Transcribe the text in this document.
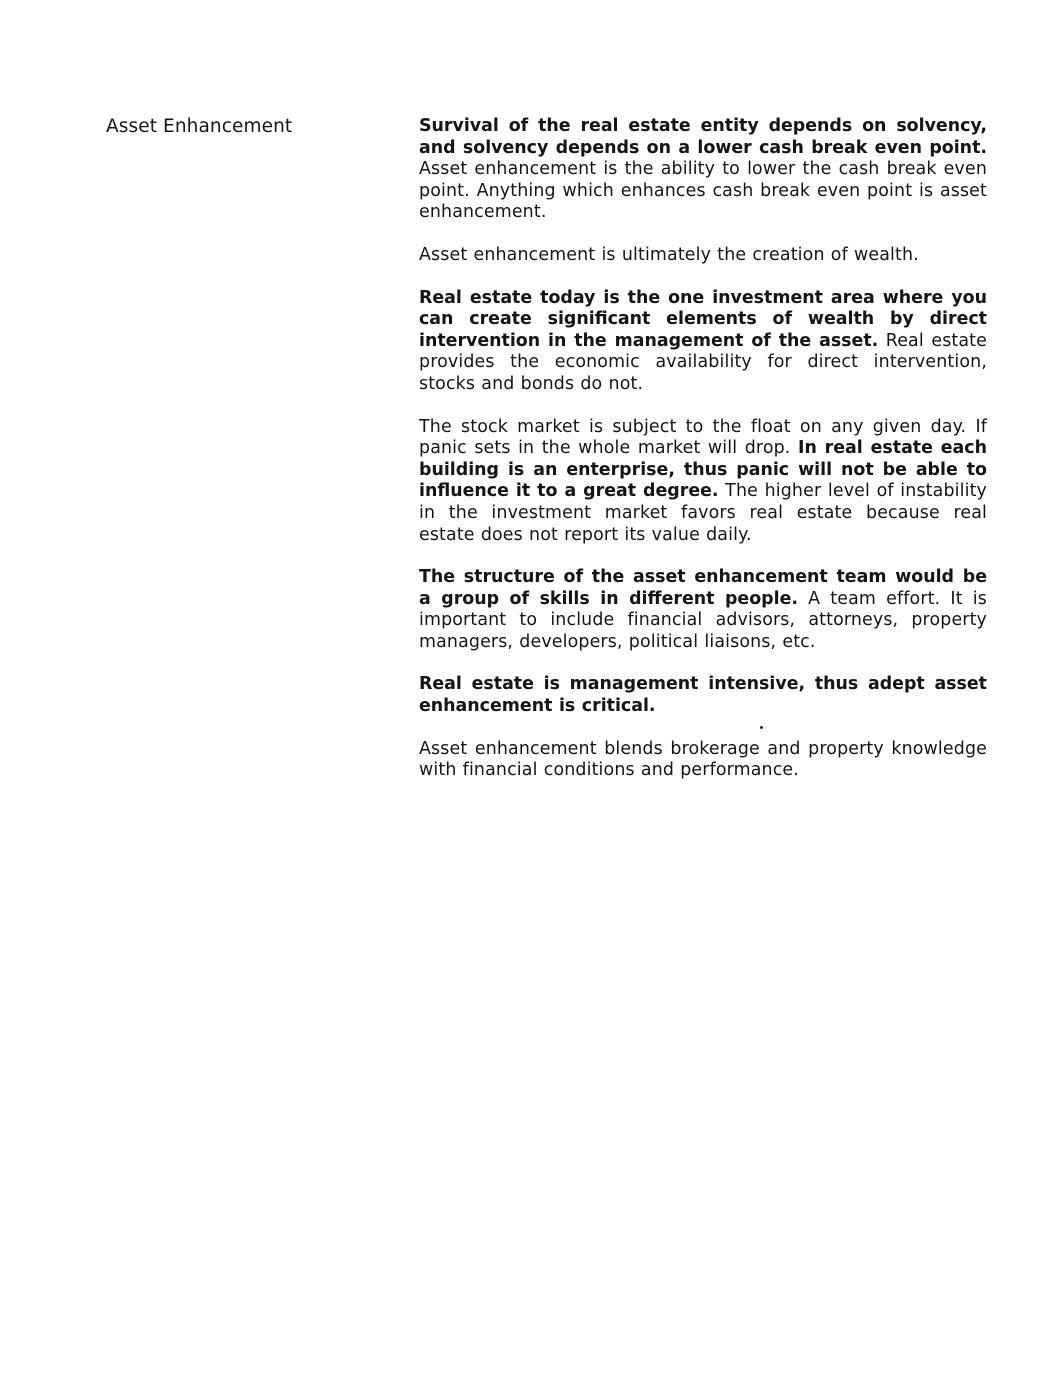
Asset Enhancement	Survival of the real estate entity depends on solvency, and solvency depends on a lower cash break even point. Asset enhancement is the ability to lower the cash break even point. Anything which enhances cash break even point is asset enhancement.

Asset enhancement is ultimately the creation of wealth.

Real estate today is the one investment area where you can create significant elements of wealth by direct intervention in the management of the asset. Real estate provides the economic availability for direct intervention, stocks and bonds do not.

The stock market is subject to the float on any given day. If panic sets in the whole market will drop. In real estate each building is an enterprise, thus panic will not be able to influence it to a great degree. The higher level of instability in the investment market favors real estate because real estate does not report its value daily.

The structure of the asset enhancement team would be a group of skills in different people. A team effort. It is important to include financial advisors, attorneys, property managers, developers, political liaisons, etc.

Real estate is management intensive, thus adept asset enhancement is critical.

Asset enhancement blends brokerage and property knowledge with financial conditions and performance.
